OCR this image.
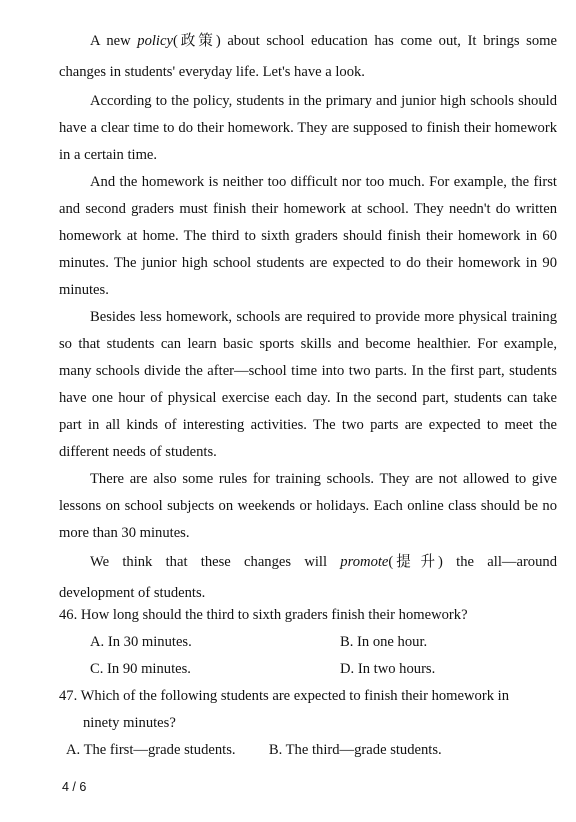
A new policy(政策) about school education has come out, It brings some changes in students' everyday life. Let's have a look.

According to the policy, students in the primary and junior high schools should have a clear time to do their homework. They are supposed to finish their homework in a certain time.

And the homework is neither too difficult nor too much. For example, the first and second graders must finish their homework at school. They needn't do written homework at home. The third to sixth graders should finish their homework in 60 minutes. The junior high school students are expected to do their homework in 90 minutes.

Besides less homework, schools are required to provide more physical training so that students can learn basic sports skills and become healthier. For example, many schools divide the after—school time into two parts. In the first part, students have one hour of physical exercise each day. In the second part, students can take part in all kinds of interesting activities. The two parts are expected to meet the different needs of students.

There are also some rules for training schools. They are not allowed to give lessons on school subjects on weekends or holidays. Each online class should be no more than 30 minutes.

We  think  that  these  changes  will  promote(提 升)  the  all—around development of students.

46. How long should the third to sixth graders finish their homework?
A. In 30 minutes.	B. In one hour.
C. In 90 minutes.	D. In two hours.
47. Which of the following students are expected to finish their homework in
ninety minutes?
A. The first—grade students. B. The third—grade students.
4 / 6
